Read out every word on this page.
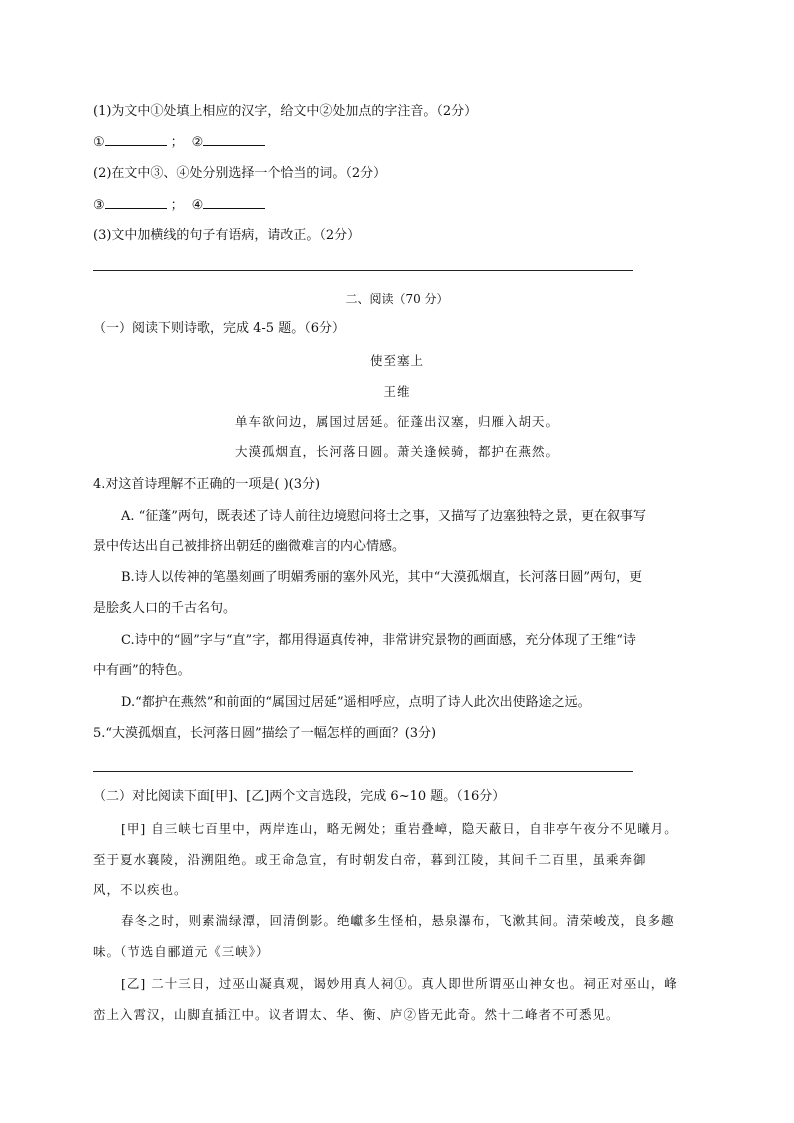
(1)为文中①处填上相应的汉字，给文中②处加点的字注音。（2分）
①	； ②
(2)在文中③、④处分别选择一个恰当的词。（2分）
③	； ④
(3)文中加横线的句子有语病，请改正。（2分）
二、阅读（70 分）
（一）阅读下则诗歌，完成 4-5 题。（6分）
使至塞上
王维
单车欲问边，属国过居延。征蓬出汉塞，归雁入胡天。
大漠孤烟直，长河落日圆。萧关逢候骑，都护在燕然。
4.对这首诗理解不正确的一项是( )(3分)
A. “征蓬”两句，既表述了诗人前往边境慰问将士之事，又描写了边塞独特之景，更在叙事写
景中传达出自己被排挤出朝廷的幽微难言的内心情感。
B.诗人以传神的笔墨刻画了明媚秀丽的塞外风光，其中“大漠孤烟直，长河落日圆”两句，更
是脍炙人口的千古名句。
C.诗中的“圆”字与“直”字，都用得逼真传神，非常讲究景物的画面感，充分体现了王维“诗
中有画”的特色。
D.“都护在燕然”和前面的“属国过居延”遥相呼应，点明了诗人此次出使路途之远。
5.“大漠孤烟直，长河落日圆”描绘了一幅怎样的画面？(3分)
（二）对比阅读下面[甲]、[乙]两个文言选段，完成 6~10 题。（16分）
[甲] 自三峡七百里中，两岸连山，略无阙处；重岩叠嶂，隐天蔽日，自非亭午夜分不见曦月。
至于夏水襄陵，沿溯阻绝。或王命急宣，有时朝发白帝，暮到江陵，其间千二百里，虽乘奔御
风，不以疾也。
春冬之时，则素湍绿潭，回清倒影。绝巘多生怪柏，悬泉瀑布，飞漱其间。清荣峻茂，良多趣
味。（节选自郦道元《三峡》）
[乙] 二十三日，过巫山凝真观，谒妙用真人祠①。真人即世所谓巫山神女也。祠正对巫山，峰
峦上入霄汉，山脚直插江中。议者谓太、华、衡、庐②皆无此奇。然十二峰者不可悉见。
